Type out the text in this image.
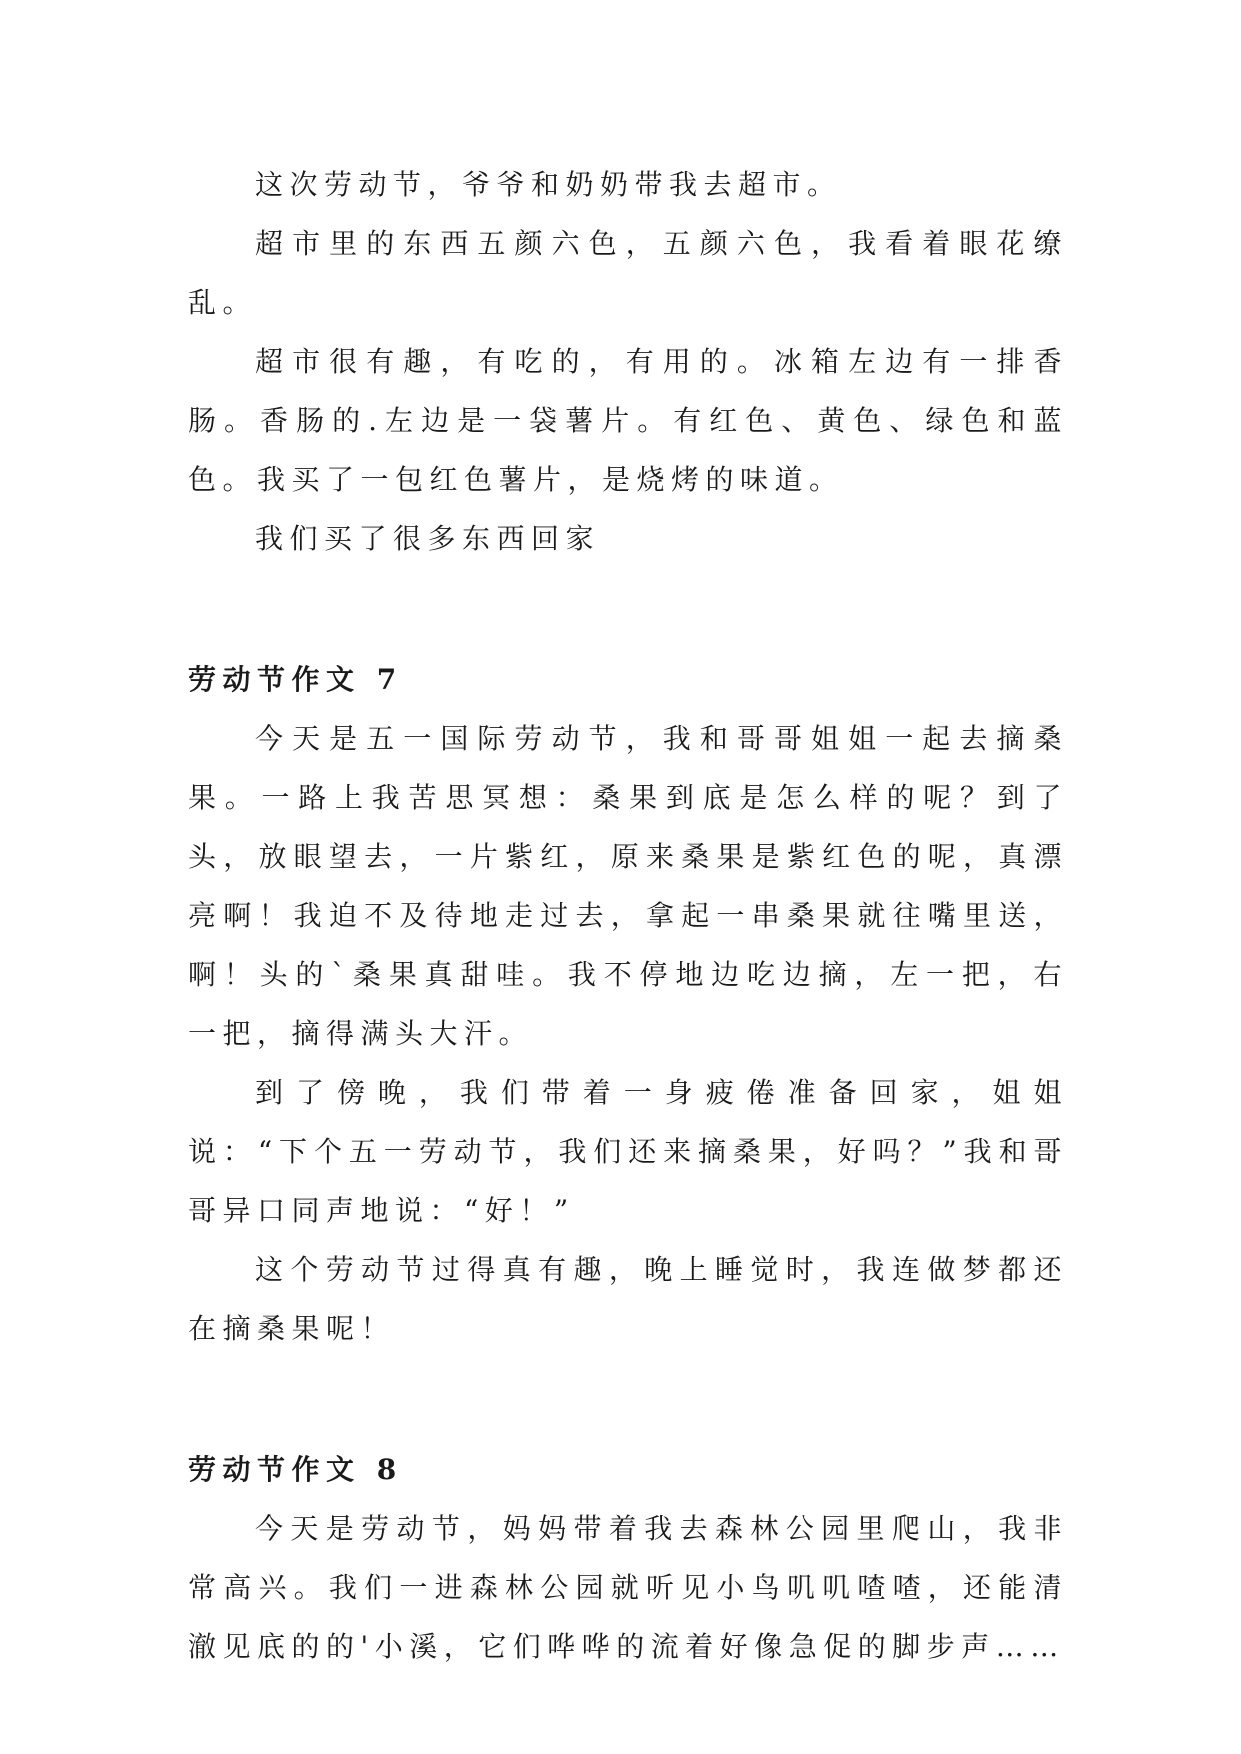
这次劳动节，爷爷和奶奶带我去超市。

超市里的东西五颜六色，五颜六色，我看着眼花缭乱。

超市很有趣，有吃的，有用的。冰箱左边有一排香肠。香肠的.左边是一袋薯片。有红色、黄色、绿色和蓝色。我买了一包红色薯片，是烧烤的味道。

我们买了很多东西回家

劳动节作文 7

今天是五一国际劳动节，我和哥哥姐姐一起去摘桑果。一路上我苦思冥想：桑果到底是怎么样的呢？到了头，放眼望去，一片紫红，原来桑果是紫红色的呢，真漂亮啊！我迫不及待地走过去，拿起一串桑果就往嘴里送，啊！头的`桑果真甜哇。我不停地边吃边摘，左一把，右一把，摘得满头大汗。

到了傍晚，我们带着一身疲倦准备回家，姐姐说：“下个五一劳动节，我们还来摘桑果，好吗？”我和哥哥异口同声地说：“好！”

这个劳动节过得真有趣，晚上睡觉时，我连做梦都还在摘桑果呢！

劳动节作文 8

今天是劳动节，妈妈带着我去森林公园里爬山，我非常高兴。我们一进森林公园就听见小鸟叽叽喳喳，还能清澈见底的的'小溪，它们哗哗的流着好像急促的脚步声……
